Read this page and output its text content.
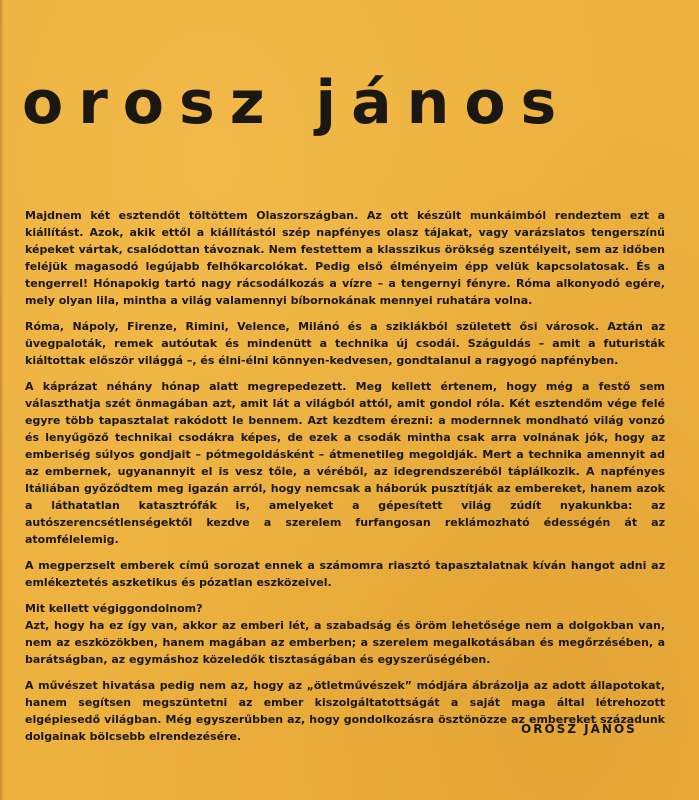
orosz jános

Majdnem két esztendőt töltöttem Olaszországban. Az ott készült munkáimból rendeztem ezt a kiállítást. Azok, akik ettől a kiállítástól szép napfényes olasz tájakat, vagy varázslatos tengerszínű képeket vártak, csalódottan távoznak. Nem festettem a klasszikus örökség szentélyeit, sem az időben feléjük magasodó legújabb felhőkarcolókat. Pedig első élményeim épp velük kapcsolatosak. És a tengerrel! Hónapokig tartó nagy rácsodálkozás a vízre – a tengernyi fényre. Róma alkonyodó egére, mely olyan lila, mintha a világ valamennyi bíbornokának mennyei ruhatára volna.

Róma, Nápoly, Firenze, Rimini, Velence, Milánó és a sziklákból született ősi városok. Aztán az üvegpaloták, remek autóutak és mindenütt a technika új csodái. Száguldás – amit a futuristák kiáltottak először világgá –, és élni-élni könnyen-kedvesen, gondtalanul a ragyogó napfényben.

A káprázat néhány hónap alatt megrepedezett. Meg kellett értenem, hogy még a festő sem választhatja szét önmagában azt, amit lát a világból attól, amit gondol róla. Két esztendőm vége felé egyre több tapasztalat rakódott le bennem. Azt kezdtem érezni: a modernnek mondható világ vonzó és lenyűgöző technikai csodákra képes, de ezek a csodák mintha csak arra volnának jók, hogy az emberiség súlyos gondjait – pótmegoldásként – átmenetileg megoldják. Mert a technika amennyit ad az embernek, ugyanannyit el is vesz tőle, a véréből, az idegrendszeréből táplálkozik. A napfényes Itáliában győződtem meg igazán arról, hogy nemcsak a háborúk pusztítják az embereket, hanem azok a láthatatlan katasztrófák is, amelyeket a gépesített világ zúdít nyakunkba: az autószerencsétlenségektől kezdve a szerelem furfangosan reklámozható édességén át az atomfélelemig.

A megperzselt emberek című sorozat ennek a számomra riasztó tapasztalatnak kíván hangot adni az emlékeztetés aszketikus és pózatlan eszközeivel.

Mit kellett végiggondolnom?

Azt, hogy ha ez így van, akkor az emberi lét, a szabadság és öröm lehetősége nem a dolgokban van, nem az eszközökben, hanem magában az emberben; a szerelem megalkotásában és megőrzésében, a barátságban, az egymáshoz közeledők tisztaságában és egyszerűségében.

A művészet hivatása pedig nem az, hogy az „ötletművészek” módjára ábrázolja az adott állapotokat, hanem segítsen megszüntetni az ember kiszolgáltatottságát a saját maga által létrehozott elgépiesedő világban. Még egyszerűbben az, hogy gondolkozásra ösztönözze az embereket századunk dolgainak bölcsebb elrendezésére.

OROSZ JÁNOS
